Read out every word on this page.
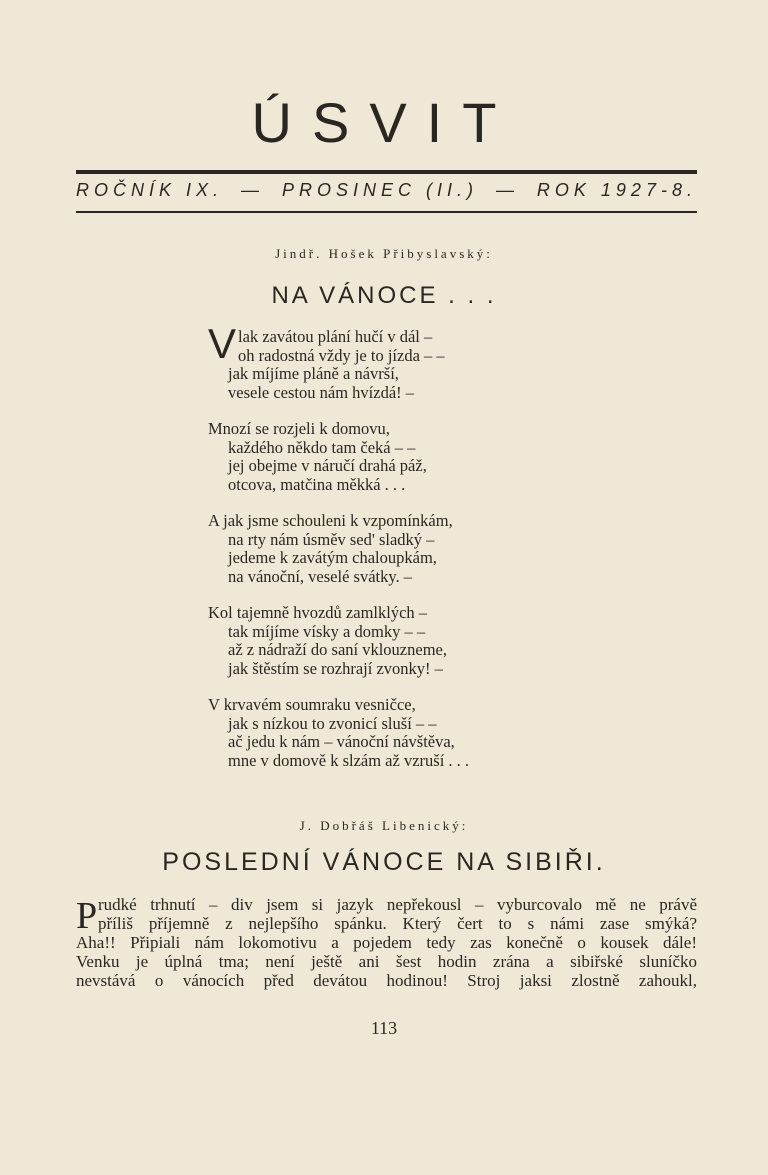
ÚSVIT
ROČNÍK IX. — PROSINEC (II.) — ROK 1927-8.
Jindř. Hošek Přibyslavský:
NA VÁNOCE . . .
V lak zavátou plání hučí v dál –
oh radostná vždy je to jízda – –
jak míjíme pláně a návrší,
vesele cestou nám hvízdá! –
Mnozí se rozjeli k domovu,
každého někdo tam čeká – –
jej obejme v náručí drahá páž,
otcova, matčina měkká . . .
A jak jsme schouleni k vzpomínkám,
na rty nám úsměv sed' sladký –
jedeme k zavátým chaloupkám,
na vánoční, veselé svátky. –
Kol tajemně hvozdů zamlklých –
tak míjíme vísky a domky – –
až z nádraží do saní vklouzneme,
jak štěstím se rozhrají zvonky! –
V krvavém soumraku vesničce,
jak s nízkou to zvonicí sluší – –
ač jedu k nám – vánoční návštěva,
mne v domově k slzám až vzruší . . .
J. Dobřáš Libenický:
POSLEDNÍ VÁNOCE NA SIBIŘI.
P rudké trhnutí – div jsem si jazyk nepřekousl – vyburcovalo mě ne právě
příliš příjemně z nejlepšího spánku. Který čert to s námi zase smýká?
Aha!! Připiali nám lokomotivu a pojedem tedy zas konečně o kousek dále!
Venku je úplná tma; není ještě ani šest hodin zrána a sibiřské sluníčko
nevstává o vánocích před devátou hodinou! Stroj jaksi zlostně zahoukl,
113
